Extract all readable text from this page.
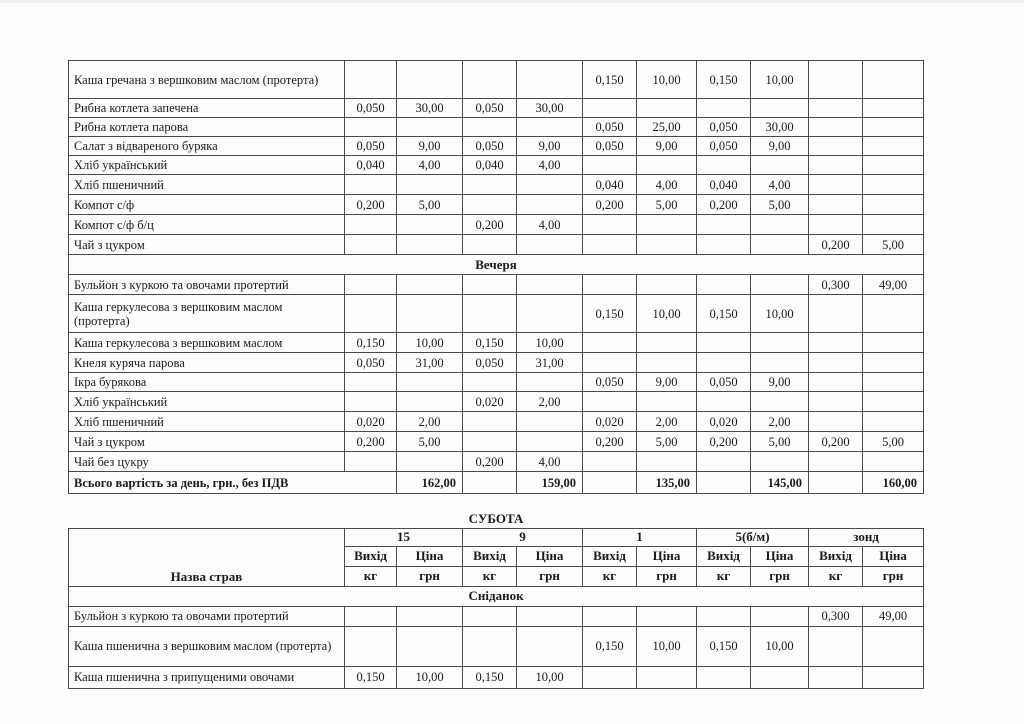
Каша гречана з вершковим маслом (протерта)					0,150	10,00	0,150	10,00		
Рибна котлета запечена	0,050	30,00	0,050	30,00						
Рибна котлета парова					0,050	25,00	0,050	30,00		
Салат з відвареного буряка	0,050	9,00	0,050	9,00	0,050	9,00	0,050	9,00		
Хліб український	0,040	4,00	0,040	4,00						
Хліб пшеничний					0,040	4,00	0,040	4,00		
Компот с/ф	0,200	5,00			0,200	5,00	0,200	5,00		
Компот с/ф б/ц			0,200	4,00						
Чай з цукром									0,200	5,00
Вечеря										
Бульйон з куркою та овочами протертий									0,300	49,00
Каша геркулесова з вершковим маслом (протерта)					0,150	10,00	0,150	10,00		
Каша геркулесова з вершковим маслом	0,150	10,00	0,150	10,00						
Кнеля куряча парова	0,050	31,00	0,050	31,00						
Ікра бурякова					0,050	9,00	0,050	9,00		
Хліб український			0,020	2,00						
Хліб пшеничний	0,020	2,00			0,020	2,00	0,020	2,00		
Чай з цукром	0,200	5,00			0,200	5,00	0,200	5,00	0,200	5,00
Чай без цукру			0,200	4,00						
Всього вартість за день, грн., без ПДВ		162,00		159,00		135,00		145,00		160,00
СУБОТА										
Назва страв	15		9		1		5(б/м)		зонд	
	Вихід	Ціна	Вихід	Ціна	Вихід	Ціна	Вихід	Ціна	Вихід	Ціна
	кг	грн	кг	грн	кг	грн	кг	грн	кг	грн
Сніданок										
Бульйон з куркою та овочами протертий									0,300	49,00
Каша пшенична з вершковим маслом (протерта)					0,150	10,00	0,150	10,00		
Каша пшенична з припущеними овочами	0,150	10,00	0,150	10,00						
